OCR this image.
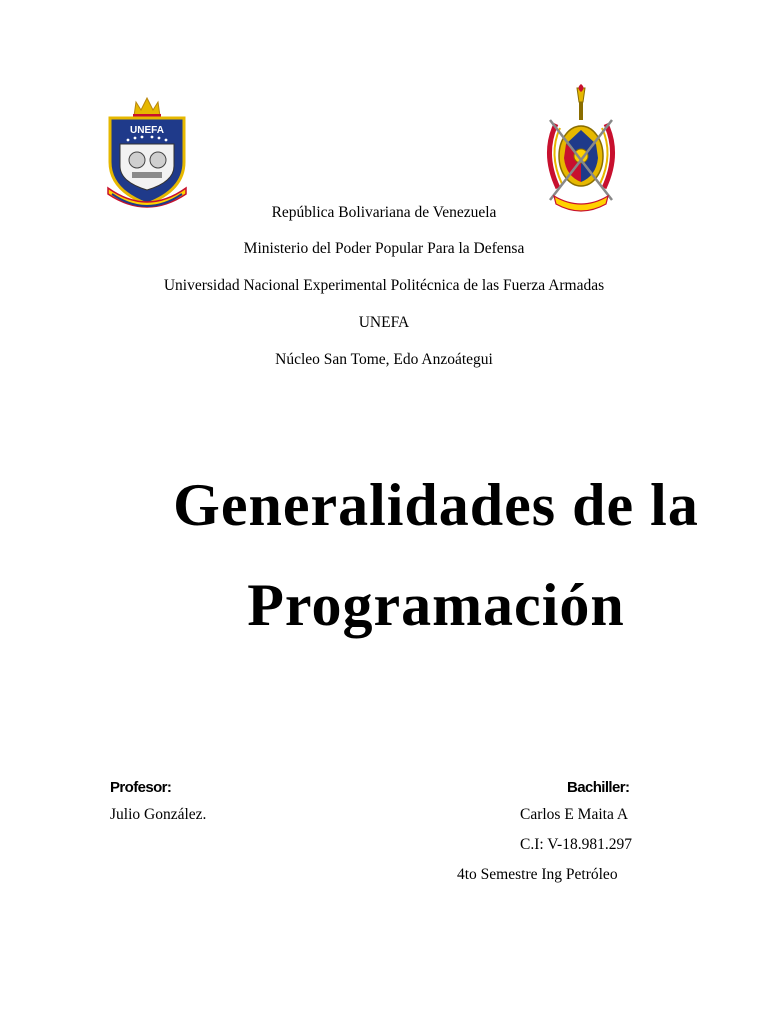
UNEFA
República Bolivariana de Venezuela
Ministerio del Poder Popular Para la Defensa
Universidad Nacional Experimental Politécnica de las Fuerza Armadas
UNEFA
Núcleo San Tome, Edo Anzoátegui
Generalidades de la
Programación
Profesor:
Julio González.
Bachiller:
Carlos E Maita A
C.I: V-18.981.297
4to Semestre Ing Petróleo
